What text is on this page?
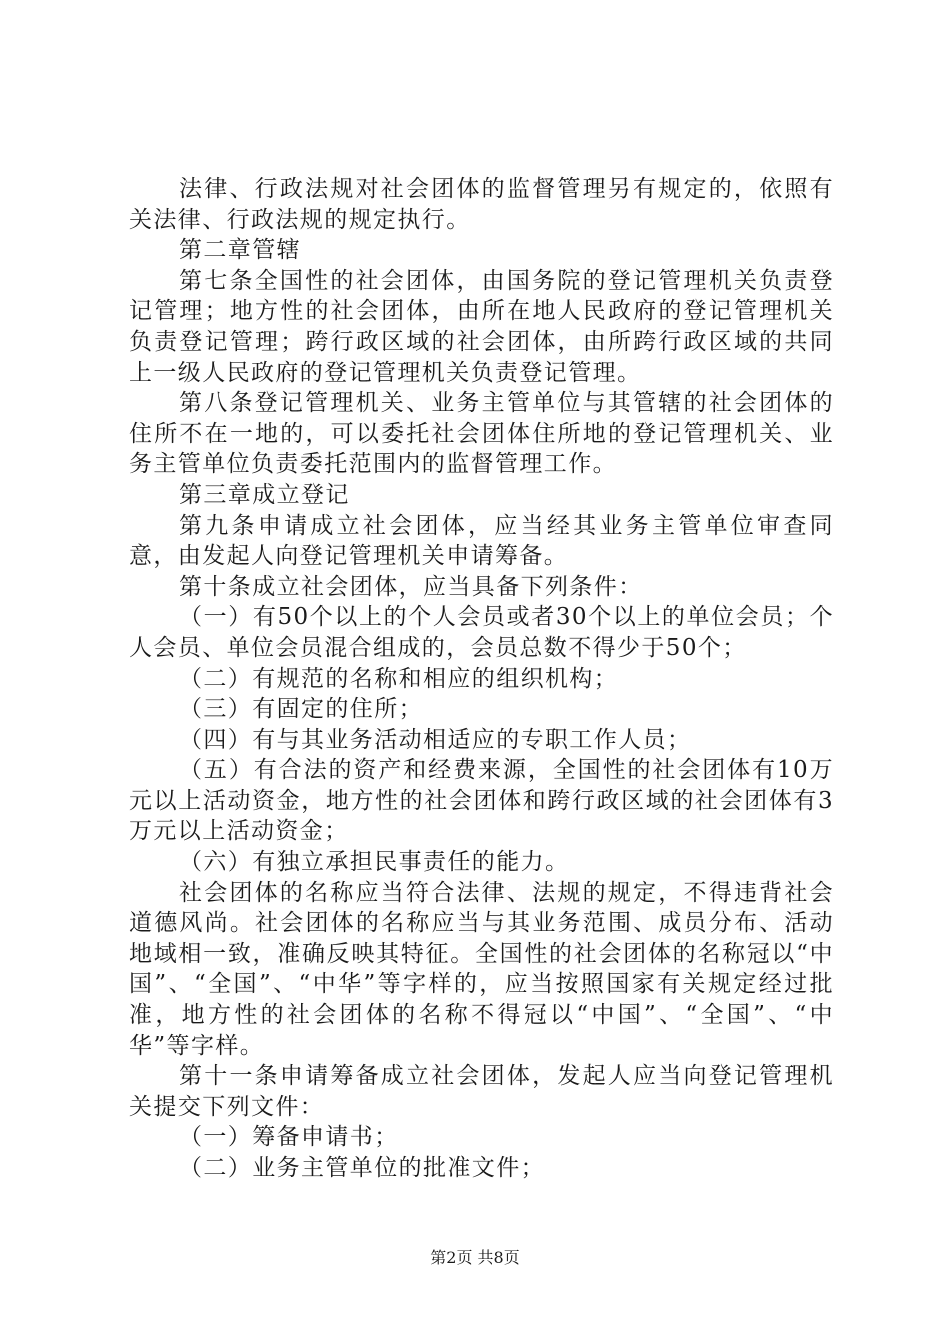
法律、行政法规对社会团体的监督管理另有规定的，依照有关法律、行政法规的规定执行。

第二章管辖

第七条全国性的社会团体，由国务院的登记管理机关负责登记管理；地方性的社会团体，由所在地人民政府的登记管理机关负责登记管理；跨行政区域的社会团体，由所跨行政区域的共同上一级人民政府的登记管理机关负责登记管理。

第八条登记管理机关、业务主管单位与其管辖的社会团体的住所不在一地的，可以委托社会团体住所地的登记管理机关、业务主管单位负责委托范围内的监督管理工作。

第三章成立登记

第九条申请成立社会团体，应当经其业务主管单位审查同意，由发起人向登记管理机关申请筹备。

第十条成立社会团体，应当具备下列条件：

（一）有50个以上的个人会员或者30个以上的单位会员；个人会员、单位会员混合组成的，会员总数不得少于50个；

（二）有规范的名称和相应的组织机构；

（三）有固定的住所；

（四）有与其业务活动相适应的专职工作人员；

（五）有合法的资产和经费来源，全国性的社会团体有10万元以上活动资金，地方性的社会团体和跨行政区域的社会团体有3万元以上活动资金；

（六）有独立承担民事责任的能力。

社会团体的名称应当符合法律、法规的规定，不得违背社会道德风尚。社会团体的名称应当与其业务范围、成员分布、活动地域相一致，准确反映其特征。全国性的社会团体的名称冠以“中国”、“全国”、“中华”等字样的，应当按照国家有关规定经过批准，地方性的社会团体的名称不得冠以“中国”、“全国”、“中华”等字样。

第十一条申请筹备成立社会团体，发起人应当向登记管理机关提交下列文件：

（一）筹备申请书；

（二）业务主管单位的批准文件；

第2页 共8页
